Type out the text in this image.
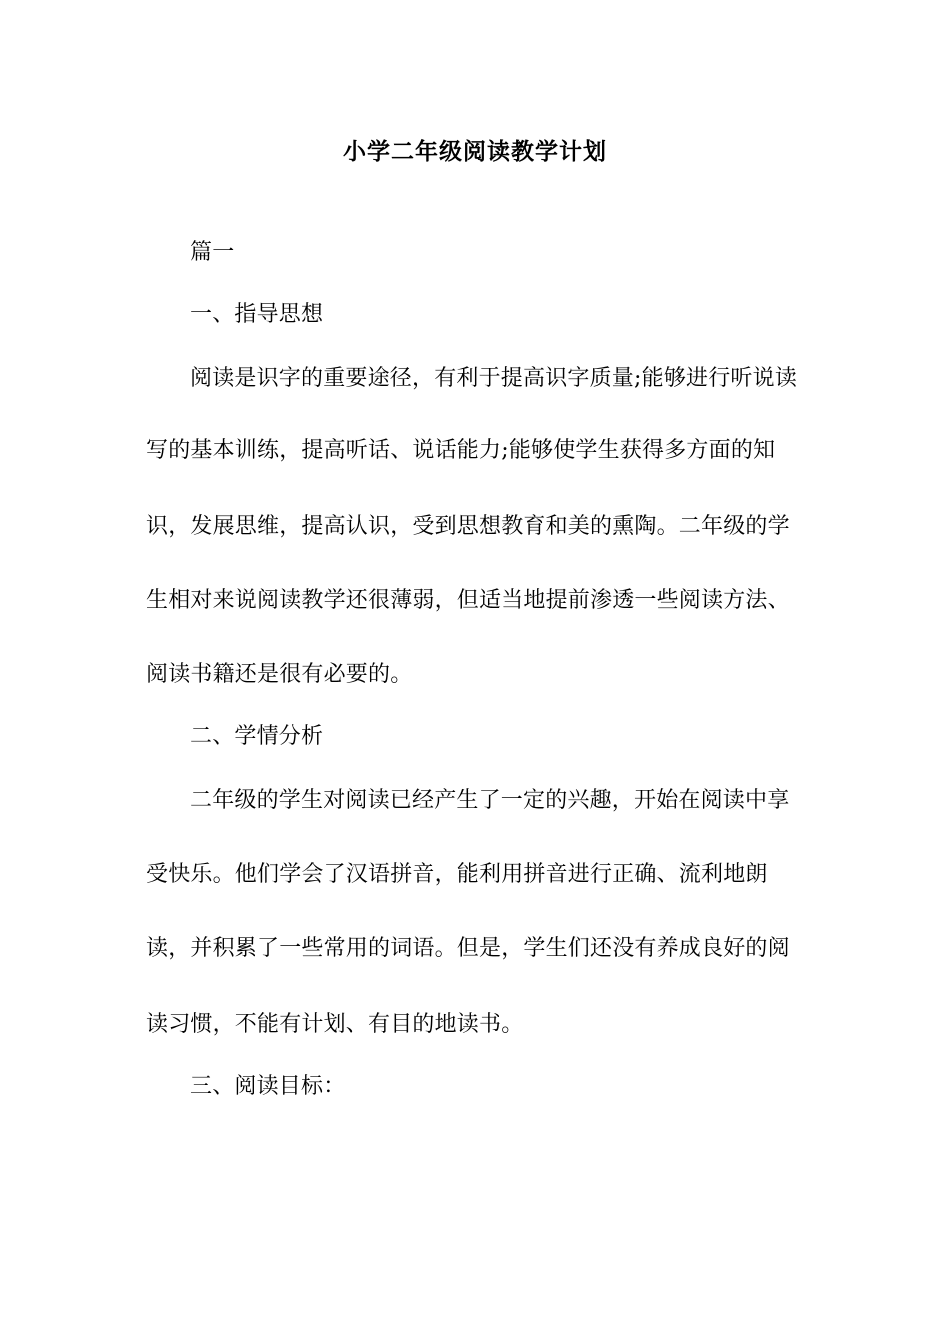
小学二年级阅读教学计划
篇一
一、指导思想
阅读是识字的重要途径，有利于提高识字质量;能够进行听说读
写的基本训练，提高听话、说话能力;能够使学生获得多方面的知
识，发展思维，提高认识，受到思想教育和美的熏陶。二年级的学
生相对来说阅读教学还很薄弱，但适当地提前渗透一些阅读方法、
阅读书籍还是很有必要的。
二、学情分析
二年级的学生对阅读已经产生了一定的兴趣，开始在阅读中享
受快乐。他们学会了汉语拼音，能利用拼音进行正确、流利地朗
读，并积累了一些常用的词语。但是，学生们还没有养成良好的阅
读习惯，不能有计划、有目的地读书。
三、阅读目标：
